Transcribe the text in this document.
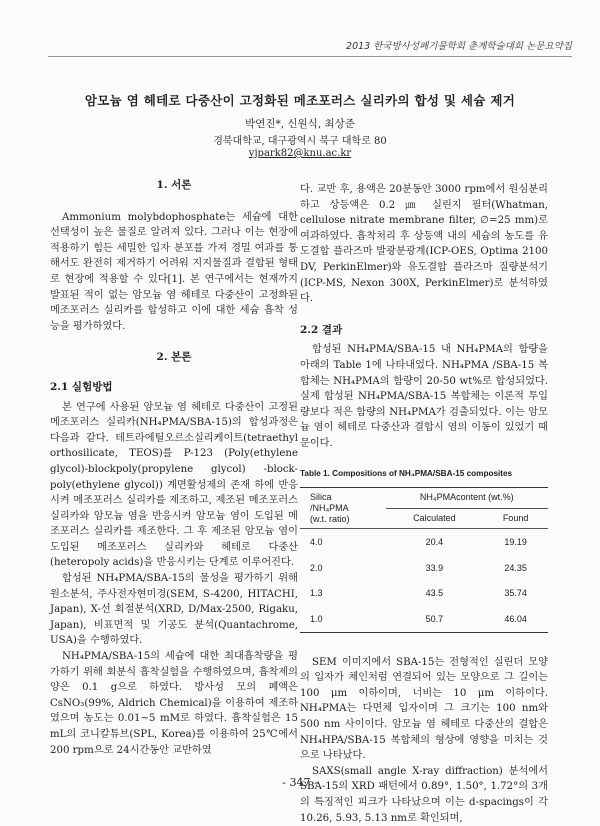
2013 한국방사성폐기물학회 춘계학술대회 논문요약집
암모늄 염 헤테로 다중산이 고정화된 메조포러스 실리카의 합성 및 세슘 제거
박연진*, 신원식, 최상준
경북대학교, 대구광역시 북구 대학로 80
vjpark82@knu.ac.kr
1. 서론

Ammonium molybdophosphate는 세슘에 대한 선택성이 높은 물질로 알려져 있다. 그러나 이는 현장에 적용하기 힘든 세밀한 입자 분포를 가져 경밀 여과를 통해서도 완전히 제거하기 어려워 지지물질과 결합된 형태로 현장에 적용할 수 있다[1]. 본 연구에서는 현재까지 발표된 적이 없는 암모늄 염 헤테로 다중산이 고정화된 메조포러스 실리카를 합성하고 이에 대한 세슘 흡착 성능을 평가하였다.

2. 본론
2.1 실험방법

본 연구에 사용된 암모늄 염 헤테로 다중산이 고정된 메조포러스 실리카(NH₄PMA/SBA-15)의 합성과정은 다음과 같다. 테트라에틸오르소실리케이트(tetraethyl orthosilicate, TEOS)를 P-123 (Poly(ethylene glycol)-blockpoly(propylene glycol) -block-poly(ethylene glycol)) 계면활성제의 존재 하에 반응시켜 메조포러스 실리카를 제조하고, 제조된 메조포러스 실리카와 암모늄 염을 반응시켜 암모늄 염이 도입된 메조포러스 실리카를 제조한다. 그 후 제조된 암모늄 염이 도입된 메조포러스 실리카와 헤테로 다중산(heteropoly acids)을 반응시키는 단계로 이루어진다.

합성된 NH₄PMA/SBA-15의 물성을 평가하기 위해 원소분석, 주사전자현미경(SEM, S-4200, HITACHI, Japan), X-선 회절분석(XRD, D/Max-2500, Rigaku, Japan), 비표면적 및 기공도 분석(Quantachrome, USA)을 수행하였다.

NH₄PMA/SBA-15의 세슘에 대한 최대흡착량을 평가하기 위해 회분식 흡착실험을 수행하였으며, 흡착제의 양은 0.1 g으로 하였다. 방사성 모의 폐액은 CsNO₃(99%, Aldrich Chemical)을 이용하여 제조하였으며 농도는 0.01~5 mM로 하였다. 흡착실험은 15 mL의 코니칼튜브(SPL, Korea)를 이용하여 25℃에서 200 rpm으로 24시간동안 교반하였

다. 교반 후, 용액은 20분동안 3000 rpm에서 원심분리하고 상등액은 0.2 ㎛ 실린지 필터(Whatman, cellulose nitrate membrane filter, ∅=25 mm)로 여과하였다. 흡착처리 후 상등액 내의 세슘의 농도를 유도결합 플라즈마 발광분광계(ICP-OES, Optima 2100 DV, PerkinElmer)와 유도결합 플라즈마 질량분석기(ICP-MS, Nexon 300X, PerkinElmer)로 분석하였다.

2.2 결과

합성된 NH₄PMA/SBA-15 내 NH₄PMA의 함량을 아래의 Table 1에 나타내었다. NH₄PMA /SBA-15 복합체는 NH₄PMA의 함량이 20-50 wt%로 합성되었다. 실제 합성된 NH₄PMA/SBA-15 복합체는 이론적 투입량보다 적은 함량의 NH₄PMA가 검출되었다. 이는 암모늄 염이 헤테로 다중산과 결합시 염의 이동이 있었기 때문이다.

Table 1. Compositions of NH₄PMA/SBA-15 composites
Silica
/NH₄PMA
(w.t. ratio)	NH₄PMAcontent (wt.%)	
	Calculated	Found
4.0	20.4	19.19
2.0	33.9	24.35
1.3	43.5	35.74
1.0	50.7	46.04

SEM 이미지에서 SBA-15는 전형적인 실린더 모양의 입자가 체인처럼 연결되어 있는 모양으로 그 길이는 100 μm 이하이며, 너비는 10 μm 이하이다. NH₄PMA는 다면체 입자이며 그 크기는 100 nm와 500 nm 사이이다. 암모늄 염 헤테로 다중산의 결합은 NH₄HPA/SBA-15 복합체의 형상에 영향을 미치는 것으로 나타났다.

SAXS(small angle X-ray diffraction) 분석에서 SBA-15의 XRD 패턴에서 0.89°, 1.50°, 1.72°의 3개의 특징적인 피크가 나타났으며 이는 d-spacings이 각 10.26, 5.93, 5.13 nm로 확인되며,

- 347 -
